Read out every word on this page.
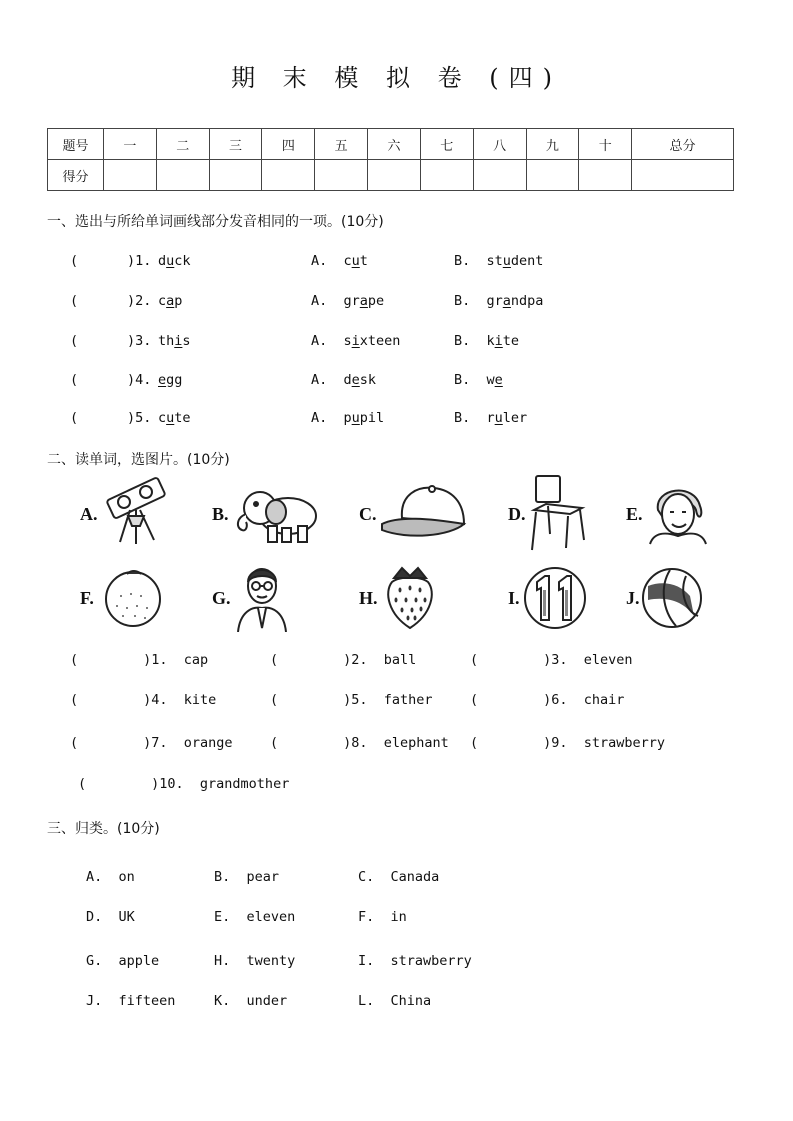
期 末 模 拟 卷 (四)
题号	一	二	三	四	五	六	七	八	九	十	总分
得分											
一、选出与所给单词画线部分发音相同的一项。(10分)
(	)1. duck	A.  cut	B.  student
(	)2. cap	A.  grape	B.  grandpa
(	)3. this	A.  sixteen	B.  kite
(	)4. egg	A.  desk	B.  we
(	)5. cute	A.  pupil	B.  ruler
二、读单词，选图片。(10分)
A.	B.	C.	D.	E.
F.	G.	H.	I.	J.
(        )1.  cap	(        )2.  ball	(        )3.  eleven
(        )4.  kite	(        )5.  father	(        )6.  chair
(        )7.  orange	(        )8.  elephant (        )9.  strawberry
(        )10.  grandmother
三、归类。(10分)
A.  on	B.  pear	C.  Canada
D.  UK	E.  eleven	F.  in
G.  apple	H.  twenty	I.  strawberry
J.  fifteen	K.  under	L.  China
